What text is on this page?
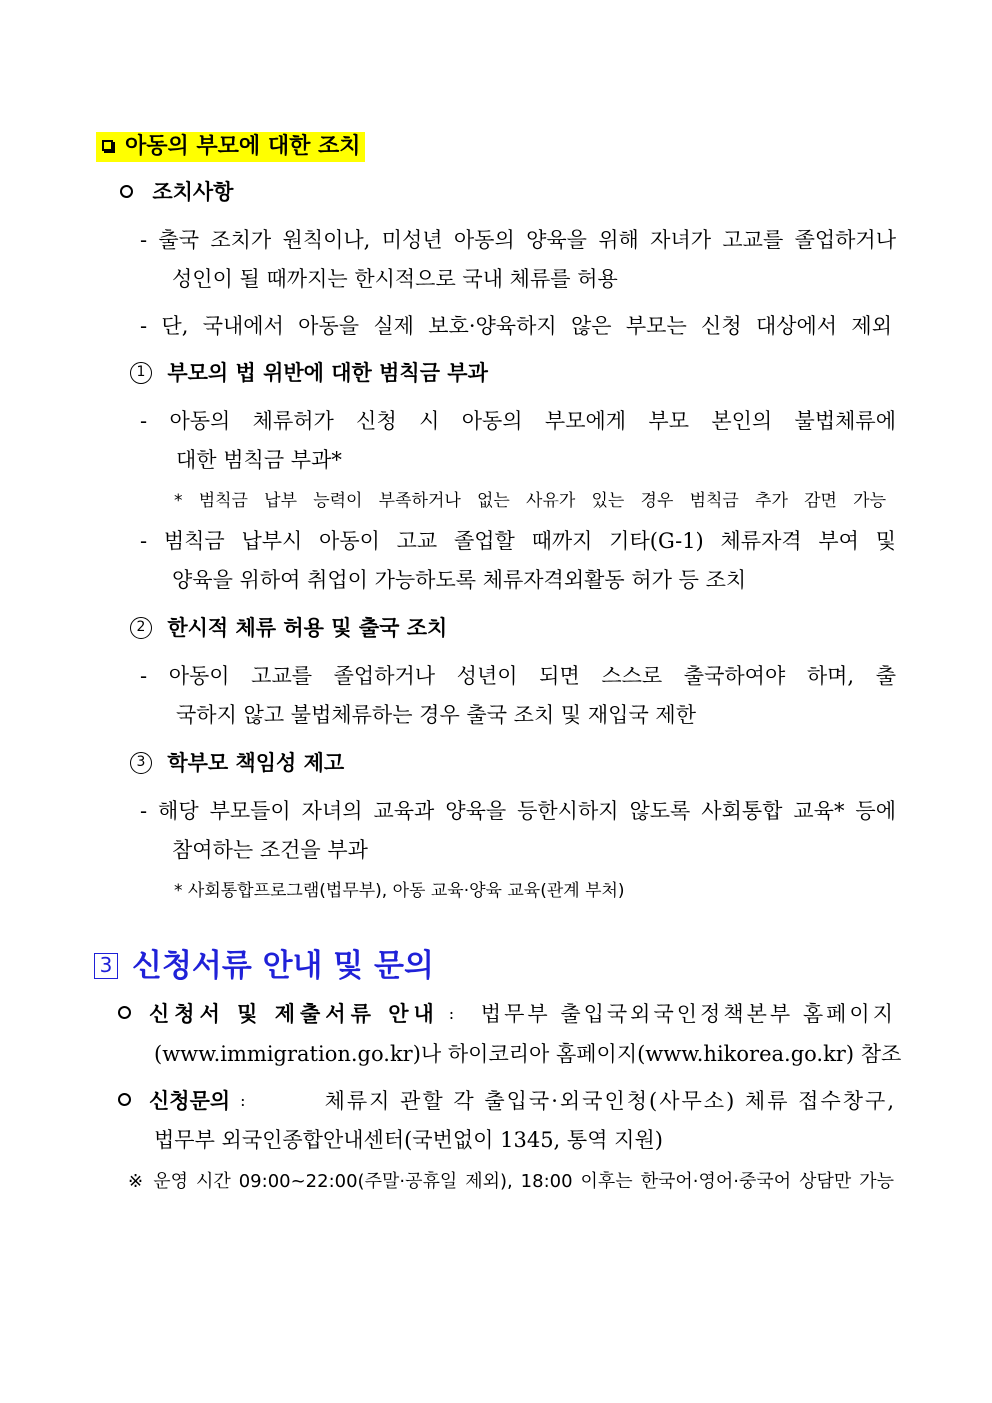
아동의 부모에 대한 조치
조치사항
- 출국 조치가 원칙이나, 미성년 아동의 양육을 위해 자녀가 고교를 졸업하거나
성인이 될 때까지는 한시적으로 국내 체류를 허용
- 단, 국내에서 아동을 실제 보호·양육하지 않은 부모는 신청 대상에서 제외
1 부모의 법 위반에 대한 범칙금 부과
- 아동의 체류허가 신청 시 아동의 부모에게 부모 본인의 불법체류에
대한 범칙금 부과*
* 범칙금 납부 능력이 부족하거나 없는 사유가 있는 경우 범칙금 추가 감면 가능
- 범칙금 납부시 아동이 고교 졸업할 때까지 기타(G-1) 체류자격 부여 및
양육을 위하여 취업이 가능하도록 체류자격외활동 허가 등 조치
2 한시적 체류 허용 및 출국 조치
- 아동이 고교를 졸업하거나 성년이 되면 스스로 출국하여야 하며, 출
국하지 않고 불법체류하는 경우 출국 조치 및 재입국 제한
3 학부모 책임성 제고
- 해당 부모들이 자녀의 교육과 양육을 등한시하지 않도록 사회통합 교육* 등에
참여하는 조건을 부과
* 사회통합프로그램(법무부), 아동 교육·양육 교육(관계 부처)
3 신청서류 안내 및 문의
신청서 및 제출서류 안내 : 법무부 출입국외국인정책본부 홈페이지
(www.immigration.go.kr)나 하이코리아 홈페이지(www.hikorea.go.kr) 참조
신청문의 :	체류지 관할 각 출입국·외국인청(사무소) 체류 접수창구,
법무부 외국인종합안내센터(국번없이 1345, 통역 지원)
※ 운영 시간 09:00~22:00(주말·공휴일 제외), 18:00 이후는 한국어·영어·중국어 상담만 가능
